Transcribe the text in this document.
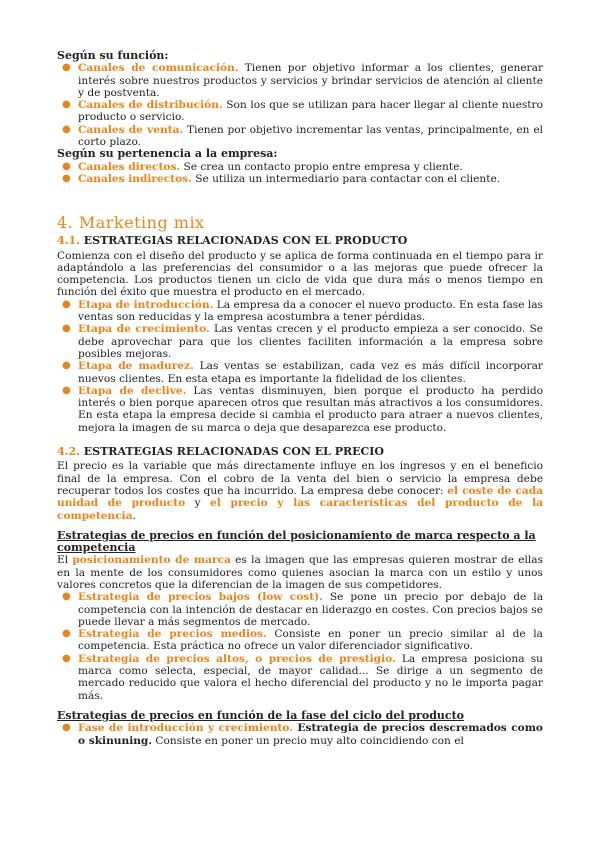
Según su función:

● Canales de comunicación. Tienen por objetivo informar a los clientes, generar interés sobre nuestros productos y servicios y brindar servicios de atención al cliente y de postventa.
● Canales de distribución. Son los que se utilizan para hacer llegar al cliente nuestro producto o servicio.
● Canales de venta. Tienen por objetivo incrementar las ventas, principalmente, en el corto plazo.

Según su pertenencia a la empresa:

● Canales directos. Se crea un contacto propio entre empresa y cliente.
● Canales indirectos. Se utiliza un intermediario para contactar con el cliente.
4. Marketing mix

4.1. ESTRATEGIAS RELACIONADAS CON EL PRODUCTO

Comienza con el diseño del producto y se aplica de forma continuada en el tiempo para ir adaptándolo a las preferencias del consumidor o a las mejoras que puede ofrecer la competencia. Los productos tienen un ciclo de vida que dura más o menos tiempo en función del éxito que muestra el producto en el mercado.

● Etapa de introducción. La empresa da a conocer el nuevo producto. En esta fase las ventas son reducidas y la empresa acostumbra a tener pérdidas.
● Etapa de crecimiento. Las ventas crecen y el producto empieza a ser conocido. Se debe aprovechar para que los clientes faciliten información a la empresa sobre posibles mejoras.
● Etapa de madurez. Las ventas se estabilizan, cada vez es más difícil incorporar nuevos clientes. En esta etapa es importante la fidelidad de los clientes.
● Etapa de declive. Las ventas disminuyen, bien porque el producto ha perdido interés o bien porque aparecen otros que resultan más atractivos a los consumidores. En esta etapa la empresa decide si cambia el producto para atraer a nuevos clientes, mejora la imagen de su marca o deja que desaparezca ese producto.

4.2. ESTRATEGIAS RELACIONADAS CON EL PRECIO

El precio es la variable que más directamente influye en los ingresos y en el beneficio final de la empresa. Con el cobro de la venta del bien o servicio la empresa debe recuperar todos los costes que ha incurrido. La empresa debe conocer: el coste de cada unidad de producto y el precio y las características del producto de la competencia.

Estrategias de precios en función del posicionamiento de marca respecto a la competencia

El posicionamiento de marca es la imagen que las empresas quieren mostrar de ellas en la mente de los consumidores como quienes asocian la marca con un estilo y unos valores concretos que la diferencian de la imagen de sus competidores.

● Estrategia de precios bajos (low cost). Se pone un precio por debajo de la competencia con la intención de destacar en liderazgo en costes. Con precios bajos se puede llevar a más segmentos de mercado.
● Estrategia de precios medios. Consiste en poner un precio similar al de la competencia. Esta práctica no ofrece un valor diferenciador significativo.
● Estrategia de precios altos, o precios de prestigio. La empresa posiciona su marca como selecta, especial, de mayor calidad... Se dirige a un segmento de mercado reducido que valora el hecho diferencial del producto y no le importa pagar más.

Estrategias de precios en función de la fase del ciclo del producto

● Fase de introducción y crecimiento. Estrategia de precios descremados como o skinuning. Consiste en poner un precio muy alto coincidiendo con el
